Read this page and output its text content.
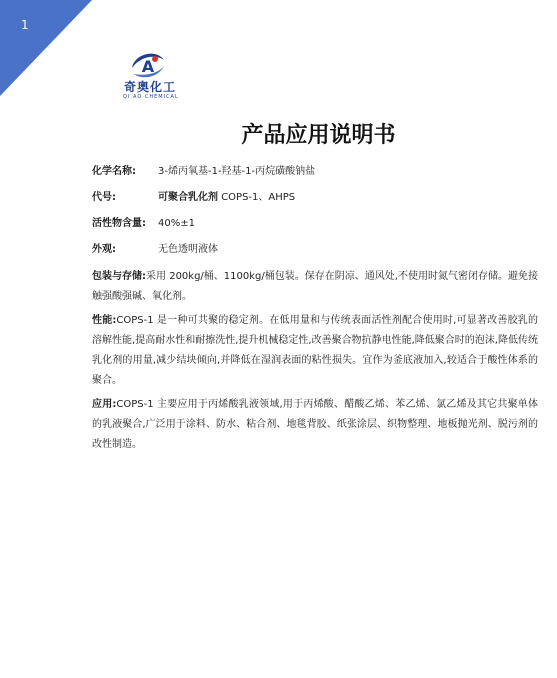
1
A
奇奥化工
QI AO CHEMICAL
产品应用说明书
化学名称:	3-烯丙氧基-1-羟基-1-丙烷磺酸钠盐
代号:	可聚合乳化剂 COPS-1、AHPS
活性物含量:	40%±1
外观:	无色透明液体

包装与存储:采用 200kg/桶、1100kg/桶包装。保存在阴凉、通风处,不使用时氮气密闭存储。避免接触强酸强碱、氧化剂。

性能:COPS-1 是一种可共聚的稳定剂。在低用量和与传统表面活性剂配合使用时,可显著改善胶乳的溶解性能,提高耐水性和耐擦洗性,提升机械稳定性,改善聚合物抗静电性能,降低聚合时的泡沫,降低传统乳化剂的用量,减少结块倾向,并降低在湿润表面的粘性损失。宜作为釜底液加入,较适合于酸性体系的聚合。

应用:COPS-1 主要应用于丙烯酸乳液领域,用于丙烯酸、醋酸乙烯、苯乙烯、氯乙烯及其它共聚单体的乳液聚合,广泛用于涂料、防水、粘合剂、地毯背胶、纸张涂层、织物整理、地板抛光剂、脱污剂的改性制造。
